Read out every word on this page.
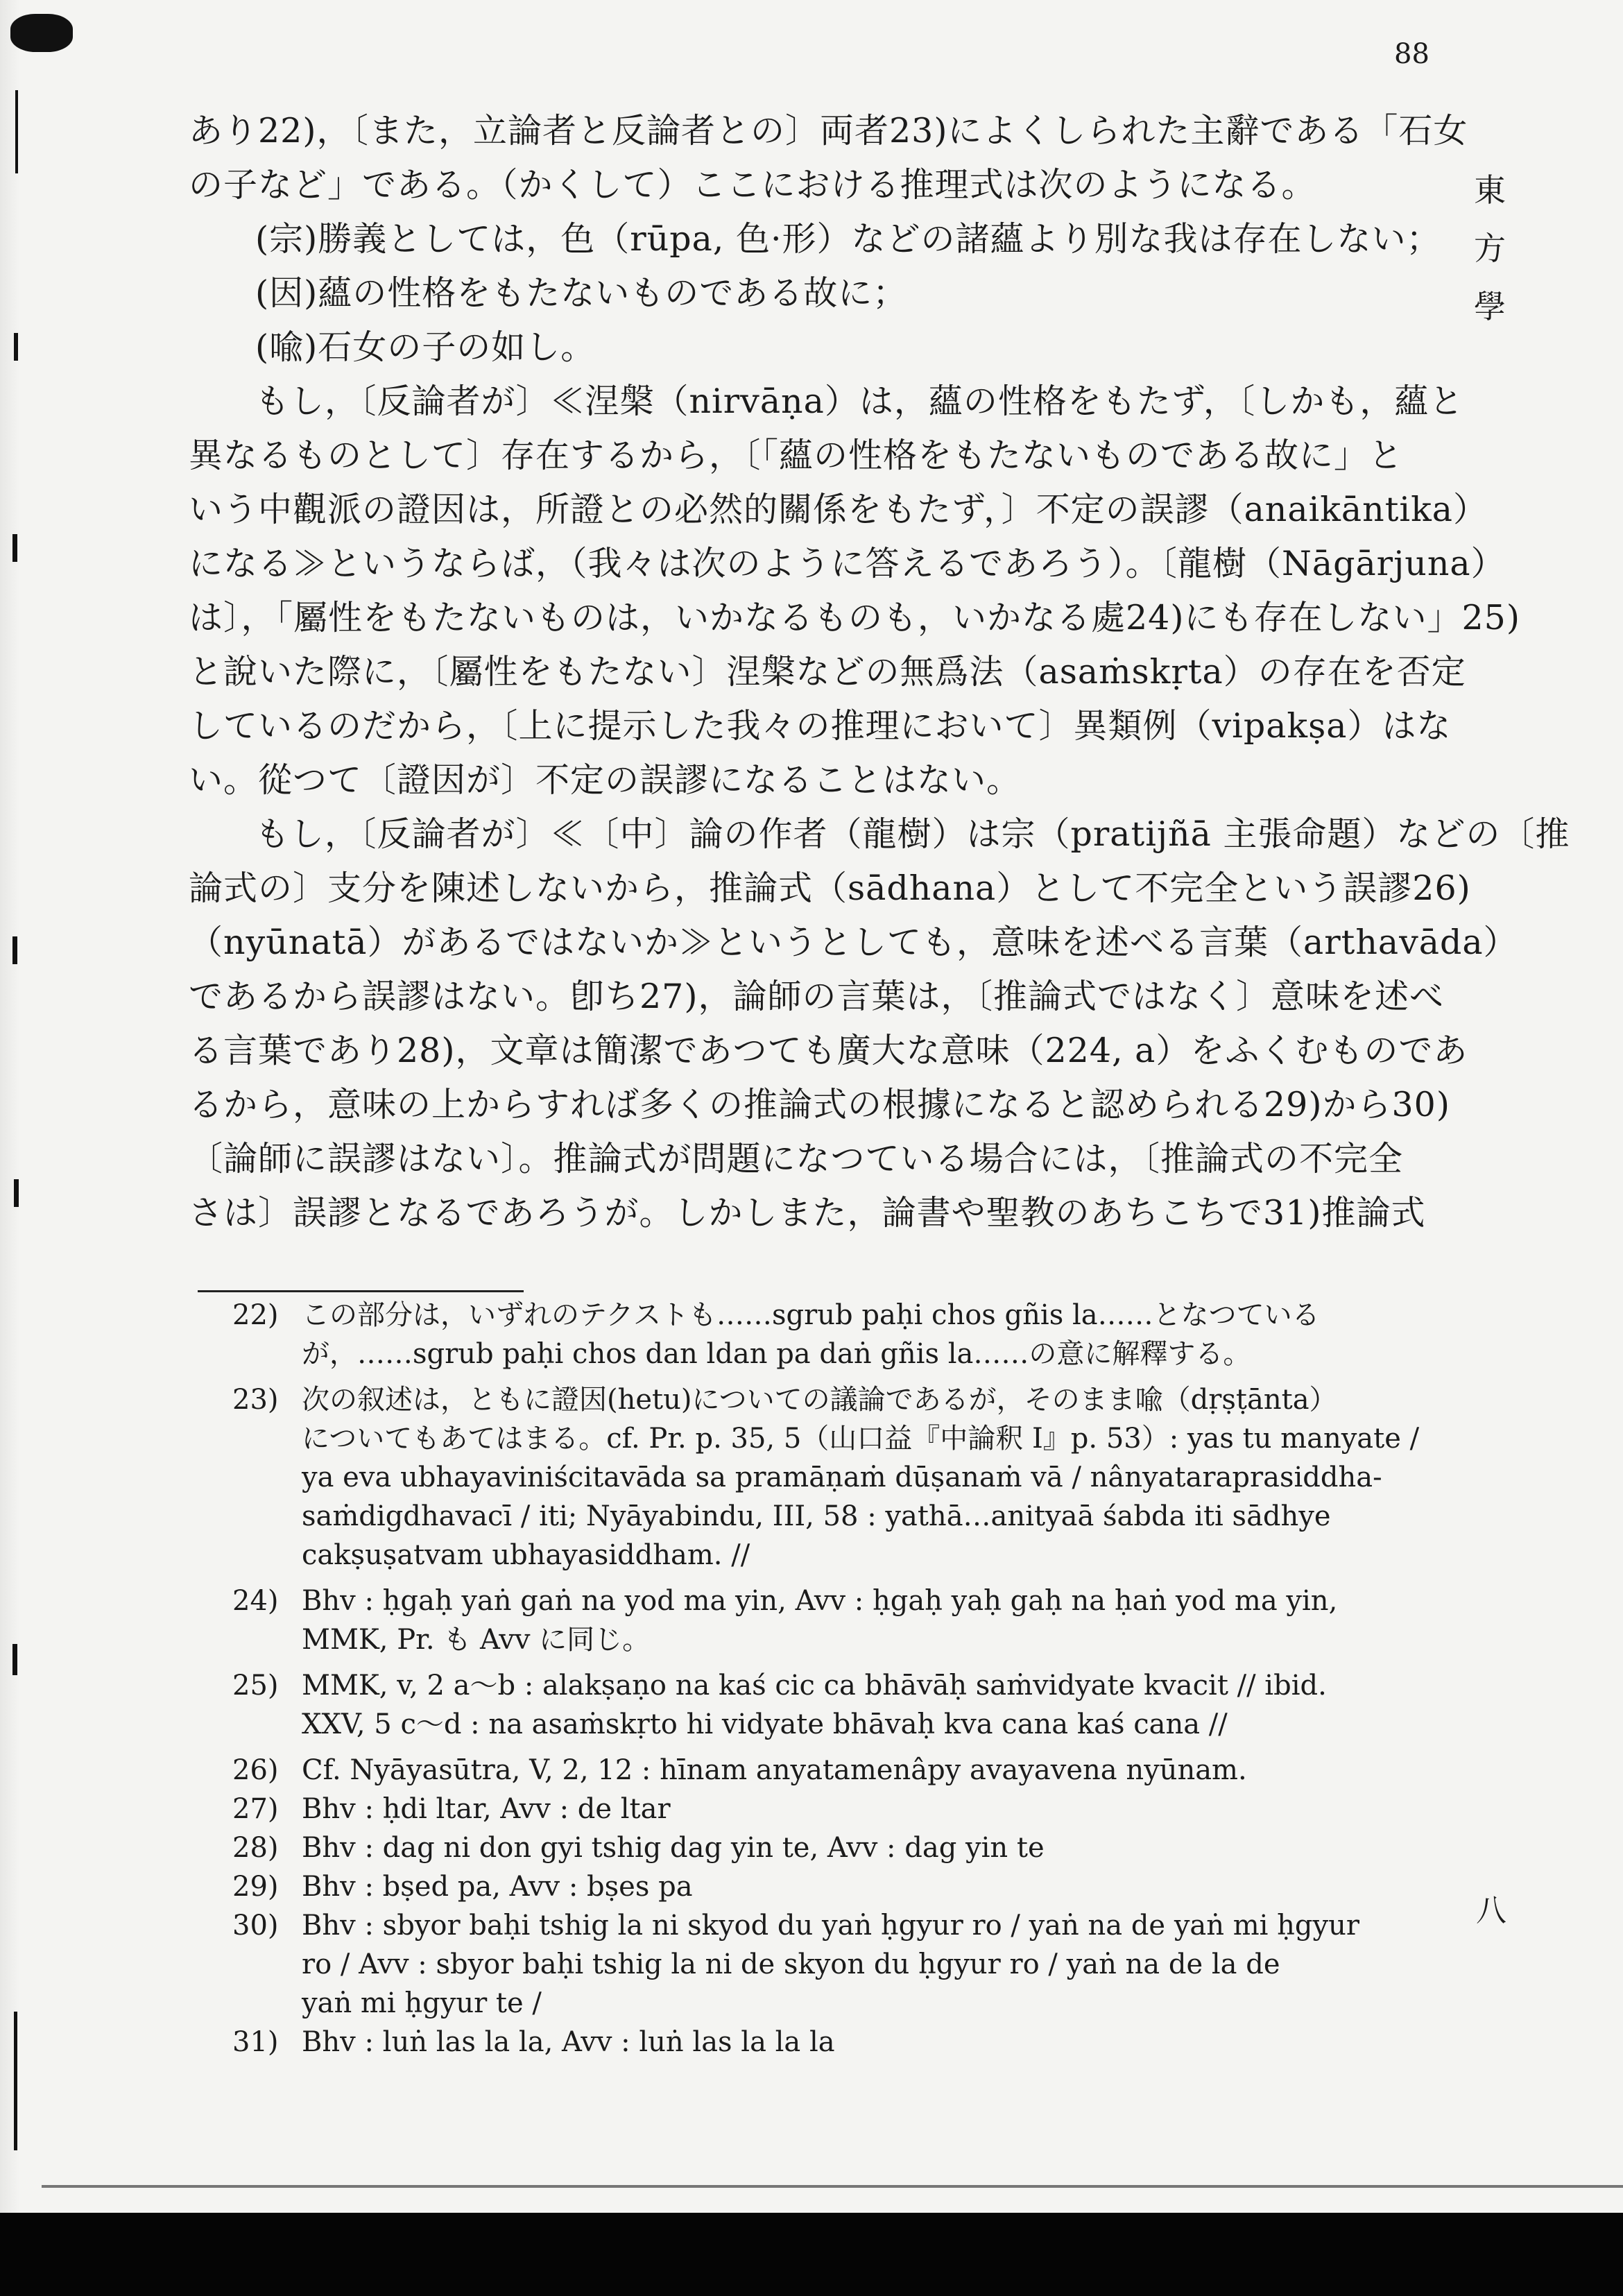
88
東
方
學
八
あり22)，〔また，立論者と反論者との〕両者23)によくしられた主辭である「石女
の子など」である。（かくして）ここにおける推理式は次のようになる。
(宗)勝義としては，色（rūpa, 色·形）などの諸蘊より別な我は存在しない；
(因)蘊の性格をもたないものである故に；
(喩)石女の子の如し。
もし，〔反論者が〕≪涅槃（nirvāṇa）は，蘊の性格をもたず，〔しかも，蘊と
異なるものとして〕存在するから，〔「蘊の性格をもたないものである故に」と
いう中觀派の證因は，所證との必然的關係をもたず，〕不定の誤謬（anaikāntika）
になる≫というならば，（我々は次のように答えるであろう）。〔龍樹（Nāgārjuna）
は〕，「屬性をもたないものは，いかなるものも，いかなる處24)にも存在しない」25)
と說いた際に，〔屬性をもたない〕涅槃などの無爲法（asaṁskṛta）の存在を否定
しているのだから，〔上に提示した我々の推理において〕異類例（vipakṣa）はな
い。從つて〔證因が〕不定の誤謬になることはない。
もし，〔反論者が〕≪〔中〕論の作者（龍樹）は宗（pratijñā 主張命題）などの〔推
論式の〕支分を陳述しないから，推論式（sādhana）として不完全という誤謬26)
（nyūnatā）があるではないか≫というとしても，意味を述べる言葉（arthavāda）
であるから誤謬はない。卽ち27)，論師の言葉は，〔推論式ではなく〕意味を述べ
る言葉であり28)，文章は簡潔であつても廣大な意味（224, a）をふくむものであ
るから，意味の上からすれば多くの推論式の根據になると認められる29)から30)
〔論師に誤謬はない〕。推論式が問題になつている場合には，〔推論式の不完全
さは〕誤謬となるであろうが。しかしまた，論書や聖教のあちこちで31)推論式
22) この部分は，いずれのテクストも……sgrub paḥi chos gñis la……となつている
が，……sgrub paḥi chos dan ldan pa daṅ gñis la……の意に解釋する。
23) 次の叙述は，ともに證因(hetu)についての議論であるが，そのまま喩（dṛṣṭānta）
についてもあてはまる。cf. Pr. p. 35, 5（山口益『中論釈 I』p. 53）: yas tu manyate /
ya eva ubhayaviniścitavāda sa pramāṇaṁ dūṣanaṁ vā / nânyataraprasiddha-
saṁdigdhavacī / iti; Nyāyabindu, III, 58 : yathā…anityaā śabda iti sādhye
cakṣuṣatvam ubhayasiddham. //
24) Bhv : ḥgaḥ yaṅ gaṅ na yod ma yin, Avv : ḥgaḥ yaḥ gaḥ na ḥaṅ yod ma yin,
MMK, Pr. も Avv に同じ。
25) MMK, v, 2 a～b : alakṣaṇo na kaś cic ca bhāvāḥ saṁvidyate kvacit // ibid.
XXV, 5 c～d : na asaṁskṛto hi vidyate bhāvaḥ kva cana kaś cana //
26) Cf. Nyāyasūtra, V, 2, 12 : hīnam anyatamenâpy avayavena nyūnam.
27) Bhv : ḥdi ltar, Avv : de ltar
28) Bhv : dag ni don gyi tshig dag yin te, Avv : dag yin te
29) Bhv : bṣed pa, Avv : bṣes pa
30) Bhv : sbyor baḥi tshig la ni skyod du yaṅ ḥgyur ro / yaṅ na de yaṅ mi ḥgyur
ro / Avv : sbyor baḥi tshig la ni de skyon du ḥgyur ro / yaṅ na de la de
yaṅ mi ḥgyur te /
31) Bhv : luṅ las la la, Avv : luṅ las la la la
